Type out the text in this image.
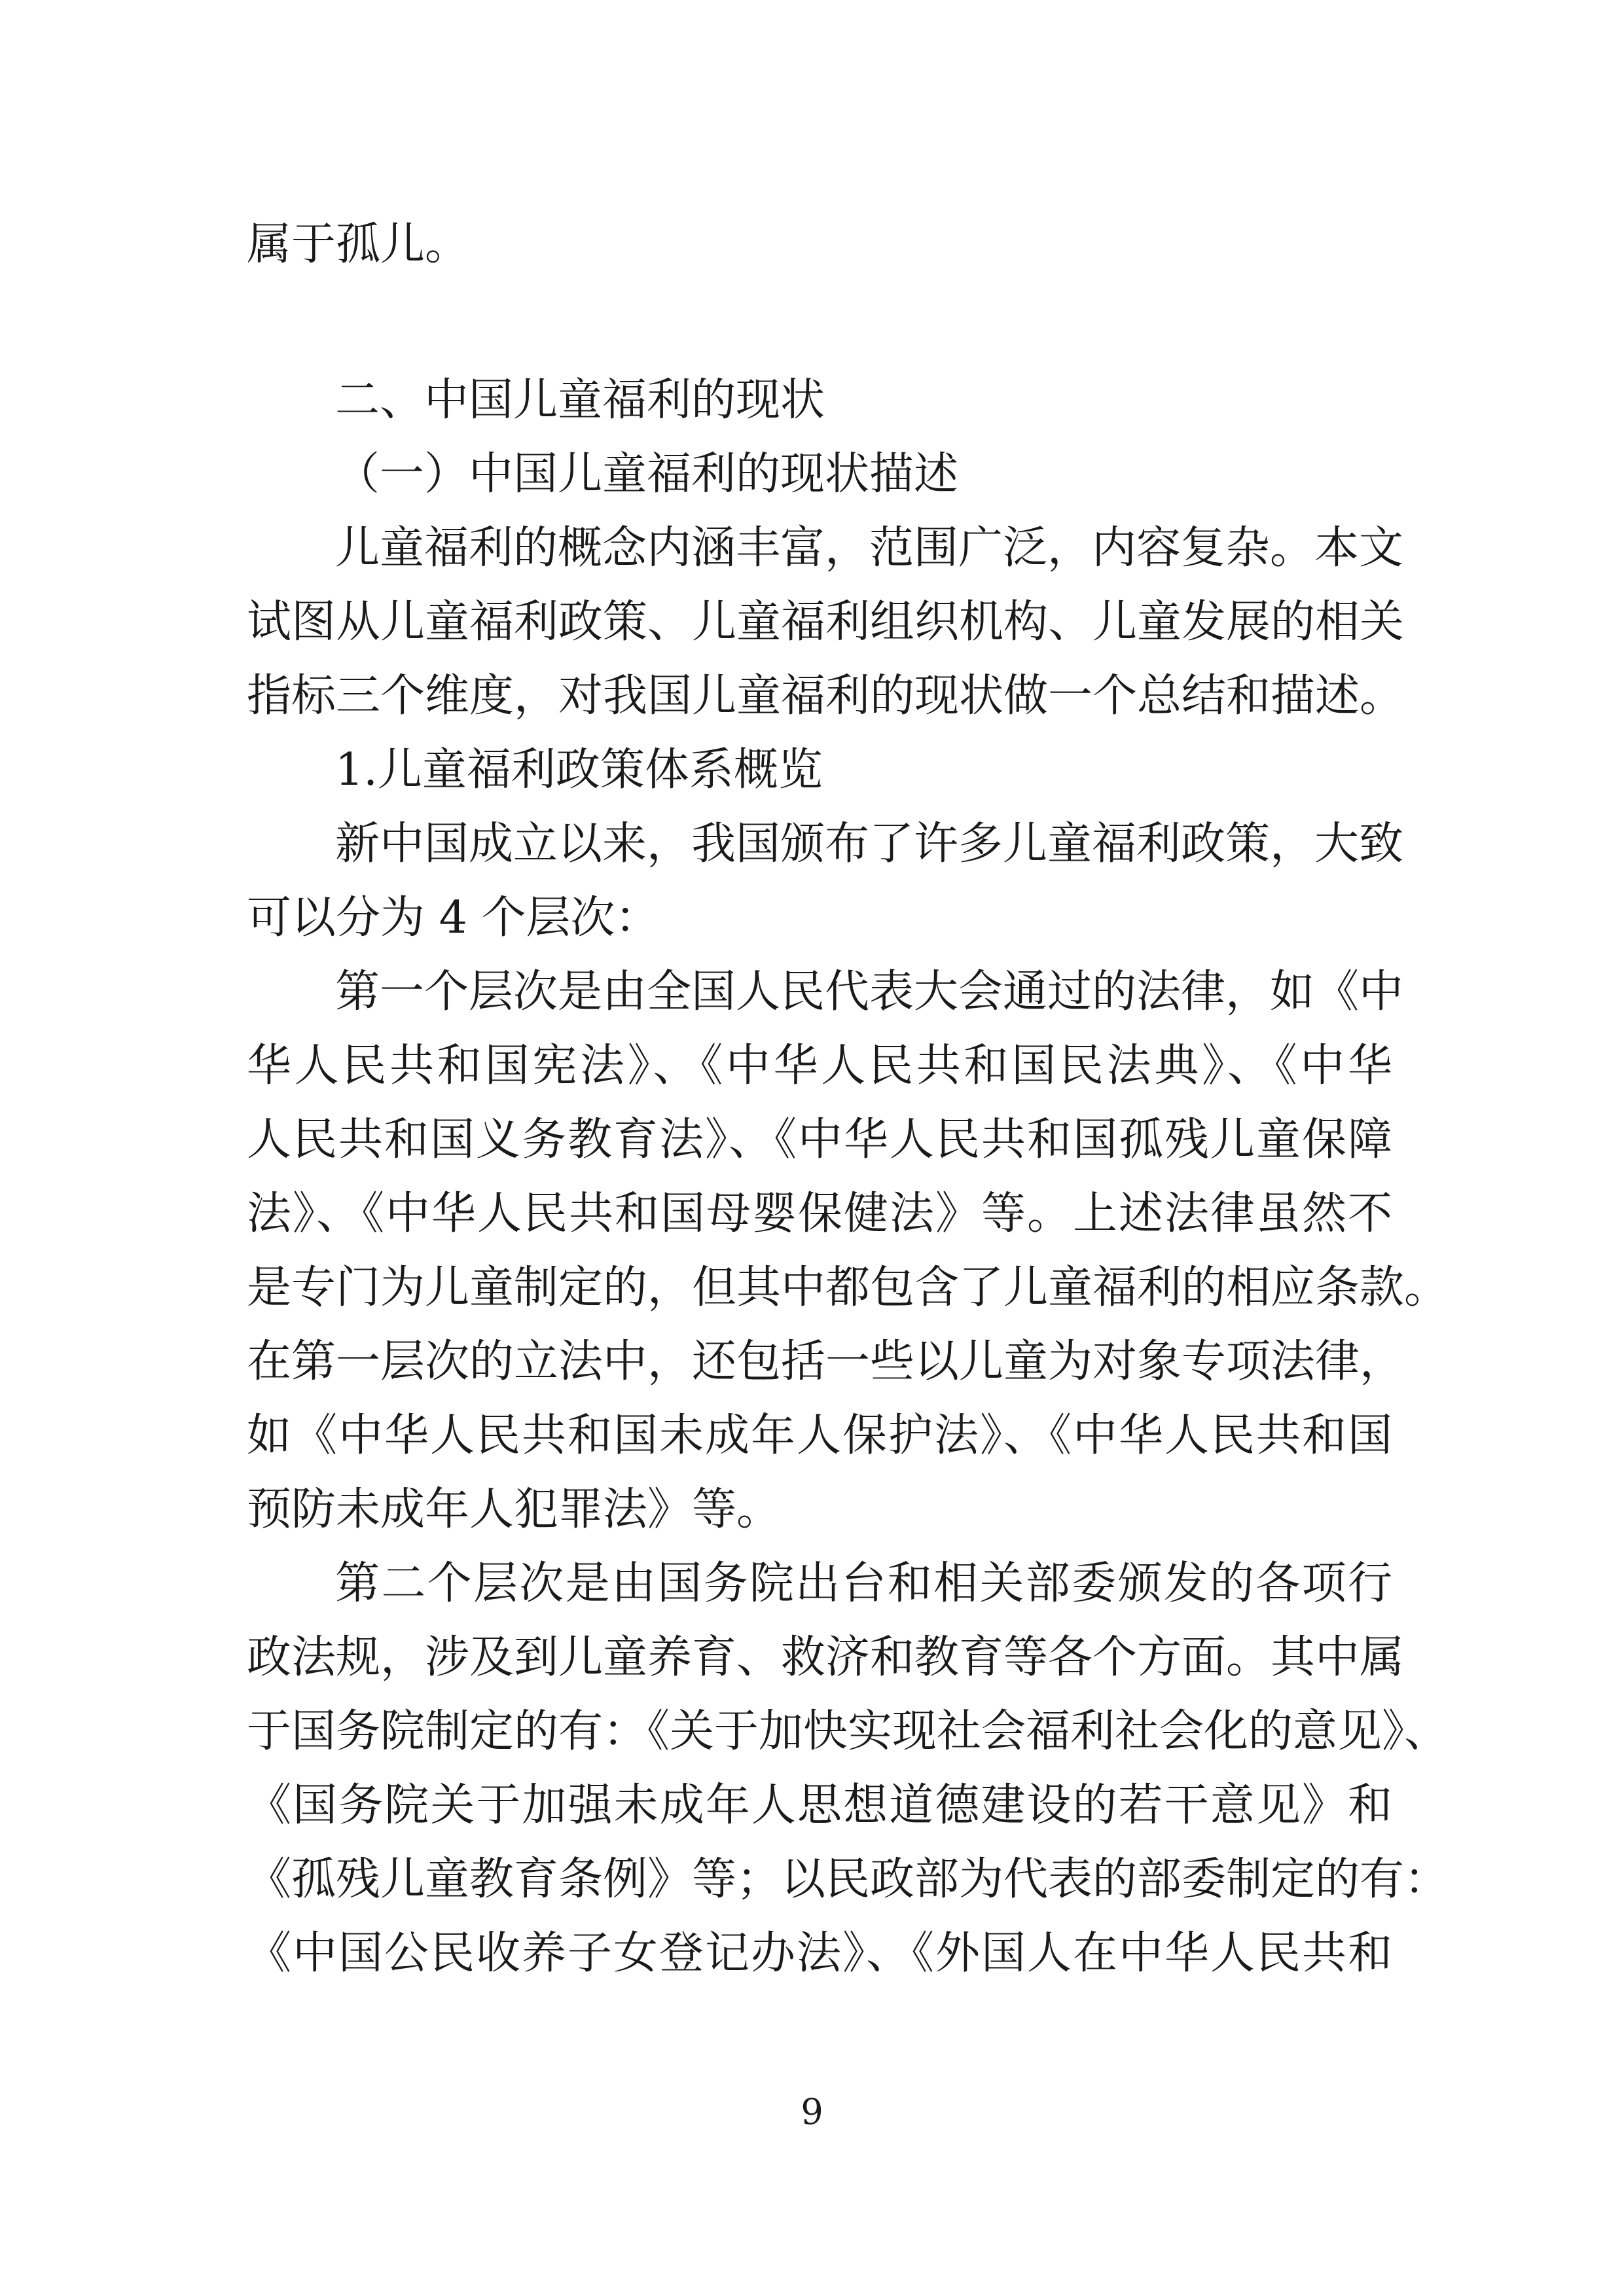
属于孤儿。
二、中国儿童福利的现状
（一）中国儿童福利的现状描述
儿童福利的概念内涵丰富，范围广泛，内容复杂。本文
试图从儿童福利政策、儿童福利组织机构、儿童发展的相关
指标三个维度，对我国儿童福利的现状做一个总结和描述。
1.儿童福利政策体系概览
新中国成立以来，我国颁布了许多儿童福利政策，大致
可以分为 4 个层次：
第一个层次是由全国人民代表大会通过的法律，如《中
华人民共和国宪法》、《中华人民共和国民法典》、《中华
人民共和国义务教育法》、《中华人民共和国孤残儿童保障
法》、《中华人民共和国母婴保健法》等。上述法律虽然不
是专门为儿童制定的，但其中都包含了儿童福利的相应条款。
在第一层次的立法中，还包括一些以儿童为对象专项法律，
如《中华人民共和国未成年人保护法》、《中华人民共和国
预防未成年人犯罪法》等。
第二个层次是由国务院出台和相关部委颁发的各项行
政法规，涉及到儿童养育、救济和教育等各个方面。其中属
于国务院制定的有：《关于加快实现社会福利社会化的意见》、
《国务院关于加强未成年人思想道德建设的若干意见》和
《孤残儿童教育条例》等；以民政部为代表的部委制定的有：
《中国公民收养子女登记办法》、《外国人在中华人民共和
9
